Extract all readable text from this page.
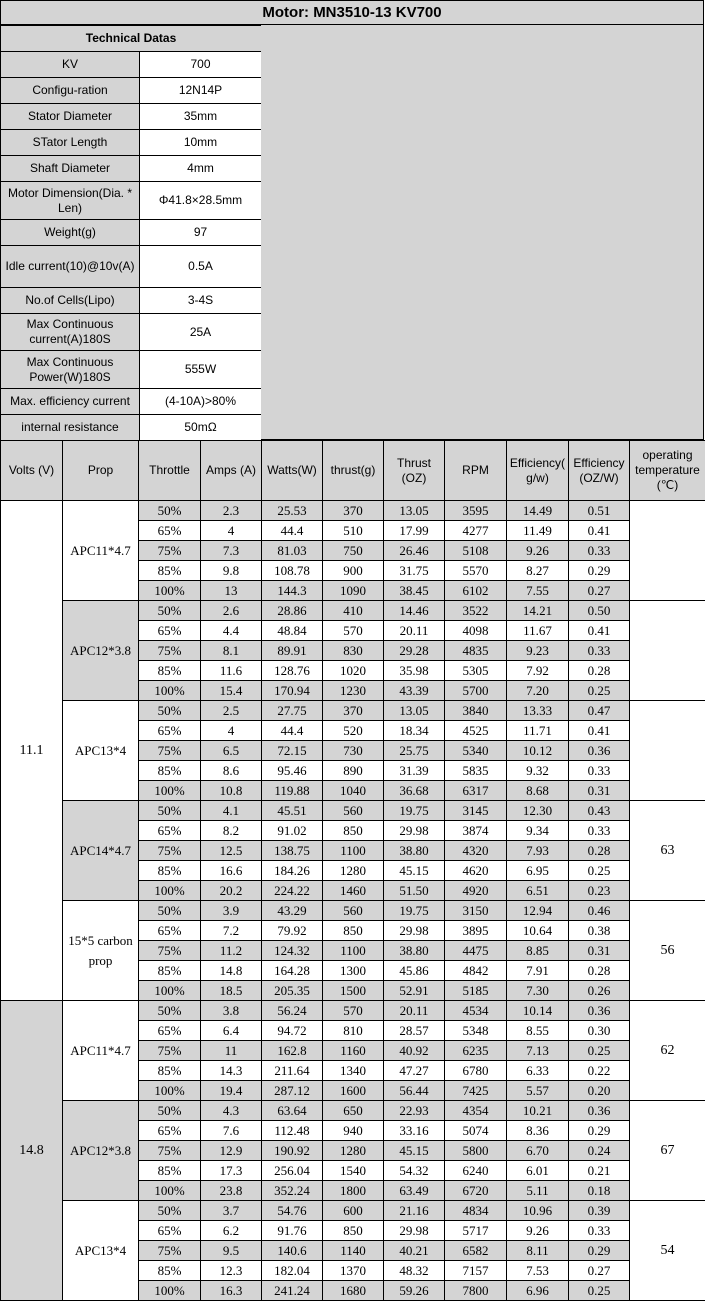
Motor: MN3510-13 KV700
Technical Datas	
KV	700
Configu-ration	12N14P
Stator Diameter	35mm
STator Length	10mm
Shaft Diameter	4mm
Motor Dimension(Dia. * Len)	Φ41.8×28.5mm
Weight(g)	97
Idle current(10)@10v(A)	0.5A
No.of Cells(Lipo)	3-4S
Max Continuous current(A)180S	25A
Max Continuous Power(W)180S	555W
Max. efficiency current	(4-10A)>80%
internal resistance	50mΩ
Volts (V)	Prop	Throttle	Amps (A)	Watts(W)	thrust(g)	Thrust (OZ)	RPM	Efficiency( g/w)	Efficiency (OZ/W)	operating temperature (℃)
11.1	APC11*4.7	50%	2.3	25.53	370	13.05	3595	14.49	0.51	
		65%	4	44.4	510	17.99	4277	11.49	0.41	
		75%	7.3	81.03	750	26.46	5108	9.26	0.33	
		85%	9.8	108.78	900	31.75	5570	8.27	0.29	
		100%	13	144.3	1090	38.45	6102	7.55	0.27	
	APC12*3.8	50%	2.6	28.86	410	14.46	3522	14.21	0.50	
		65%	4.4	48.84	570	20.11	4098	11.67	0.41	
		75%	8.1	89.91	830	29.28	4835	9.23	0.33	
		85%	11.6	128.76	1020	35.98	5305	7.92	0.28	
		100%	15.4	170.94	1230	43.39	5700	7.20	0.25	
	APC13*4	50%	2.5	27.75	370	13.05	3840	13.33	0.47	
		65%	4	44.4	520	18.34	4525	11.71	0.41	
		75%	6.5	72.15	730	25.75	5340	10.12	0.36	
		85%	8.6	95.46	890	31.39	5835	9.32	0.33	
		100%	10.8	119.88	1040	36.68	6317	8.68	0.31	
	APC14*4.7	50%	4.1	45.51	560	19.75	3145	12.30	0.43	63
		65%	8.2	91.02	850	29.98	3874	9.34	0.33	
		75%	12.5	138.75	1100	38.80	4320	7.93	0.28	
		85%	16.6	184.26	1280	45.15	4620	6.95	0.25	
		100%	20.2	224.22	1460	51.50	4920	6.51	0.23	
	15*5 carbon prop	50%	3.9	43.29	560	19.75	3150	12.94	0.46	56
		65%	7.2	79.92	850	29.98	3895	10.64	0.38	
		75%	11.2	124.32	1100	38.80	4475	8.85	0.31	
		85%	14.8	164.28	1300	45.86	4842	7.91	0.28	
		100%	18.5	205.35	1500	52.91	5185	7.30	0.26	
14.8	APC11*4.7	50%	3.8	56.24	570	20.11	4534	10.14	0.36	62
		65%	6.4	94.72	810	28.57	5348	8.55	0.30	
		75%	11	162.8	1160	40.92	6235	7.13	0.25	
		85%	14.3	211.64	1340	47.27	6780	6.33	0.22	
		100%	19.4	287.12	1600	56.44	7425	5.57	0.20	
	APC12*3.8	50%	4.3	63.64	650	22.93	4354	10.21	0.36	67
		65%	7.6	112.48	940	33.16	5074	8.36	0.29	
		75%	12.9	190.92	1280	45.15	5800	6.70	0.24	
		85%	17.3	256.04	1540	54.32	6240	6.01	0.21	
		100%	23.8	352.24	1800	63.49	6720	5.11	0.18	
	APC13*4	50%	3.7	54.76	600	21.16	4834	10.96	0.39	54
		65%	6.2	91.76	850	29.98	5717	9.26	0.33	
		75%	9.5	140.6	1140	40.21	6582	8.11	0.29	
		85%	12.3	182.04	1370	48.32	7157	7.53	0.27	
		100%	16.3	241.24	1680	59.26	7800	6.96	0.25	
